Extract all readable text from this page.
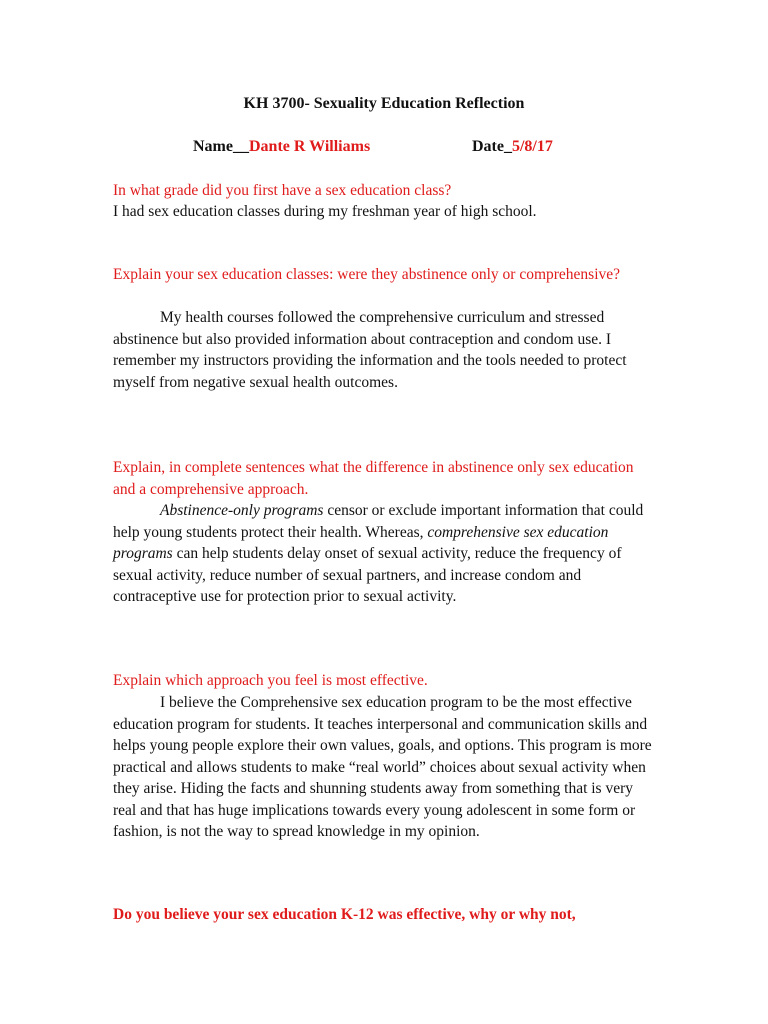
KH 3700- Sexuality Education Reflection
Name__Dante R Williams	Date_5/8/17
In what grade did you first have a sex education class?
I had sex education classes during my freshman year of high school.
Explain your sex education classes: were they abstinence only or comprehensive?
My health courses followed the comprehensive curriculum and stressed abstinence but also provided information about contraception and condom use. I remember my instructors providing the information and the tools needed to protect myself from negative sexual health outcomes.
Explain, in complete sentences what the difference in abstinence only sex education and a comprehensive approach.
Abstinence-only programs censor or exclude important information that could help young students protect their health. Whereas, comprehensive sex education programs can help students delay onset of sexual activity, reduce the frequency of sexual activity, reduce number of sexual partners, and increase condom and contraceptive use for protection prior to sexual activity.
Explain which approach you feel is most effective.
I believe the Comprehensive sex education program to be the most effective education program for students. It teaches interpersonal and communication skills and helps young people explore their own values, goals, and options. This program is more practical and allows students to make “real world” choices about sexual activity when they arise. Hiding the facts and shunning students away from something that is very real and that has huge implications towards every young adolescent in some form or fashion, is not the way to spread knowledge in my opinion.
Do you believe your sex education K-12 was effective, why or why not,
